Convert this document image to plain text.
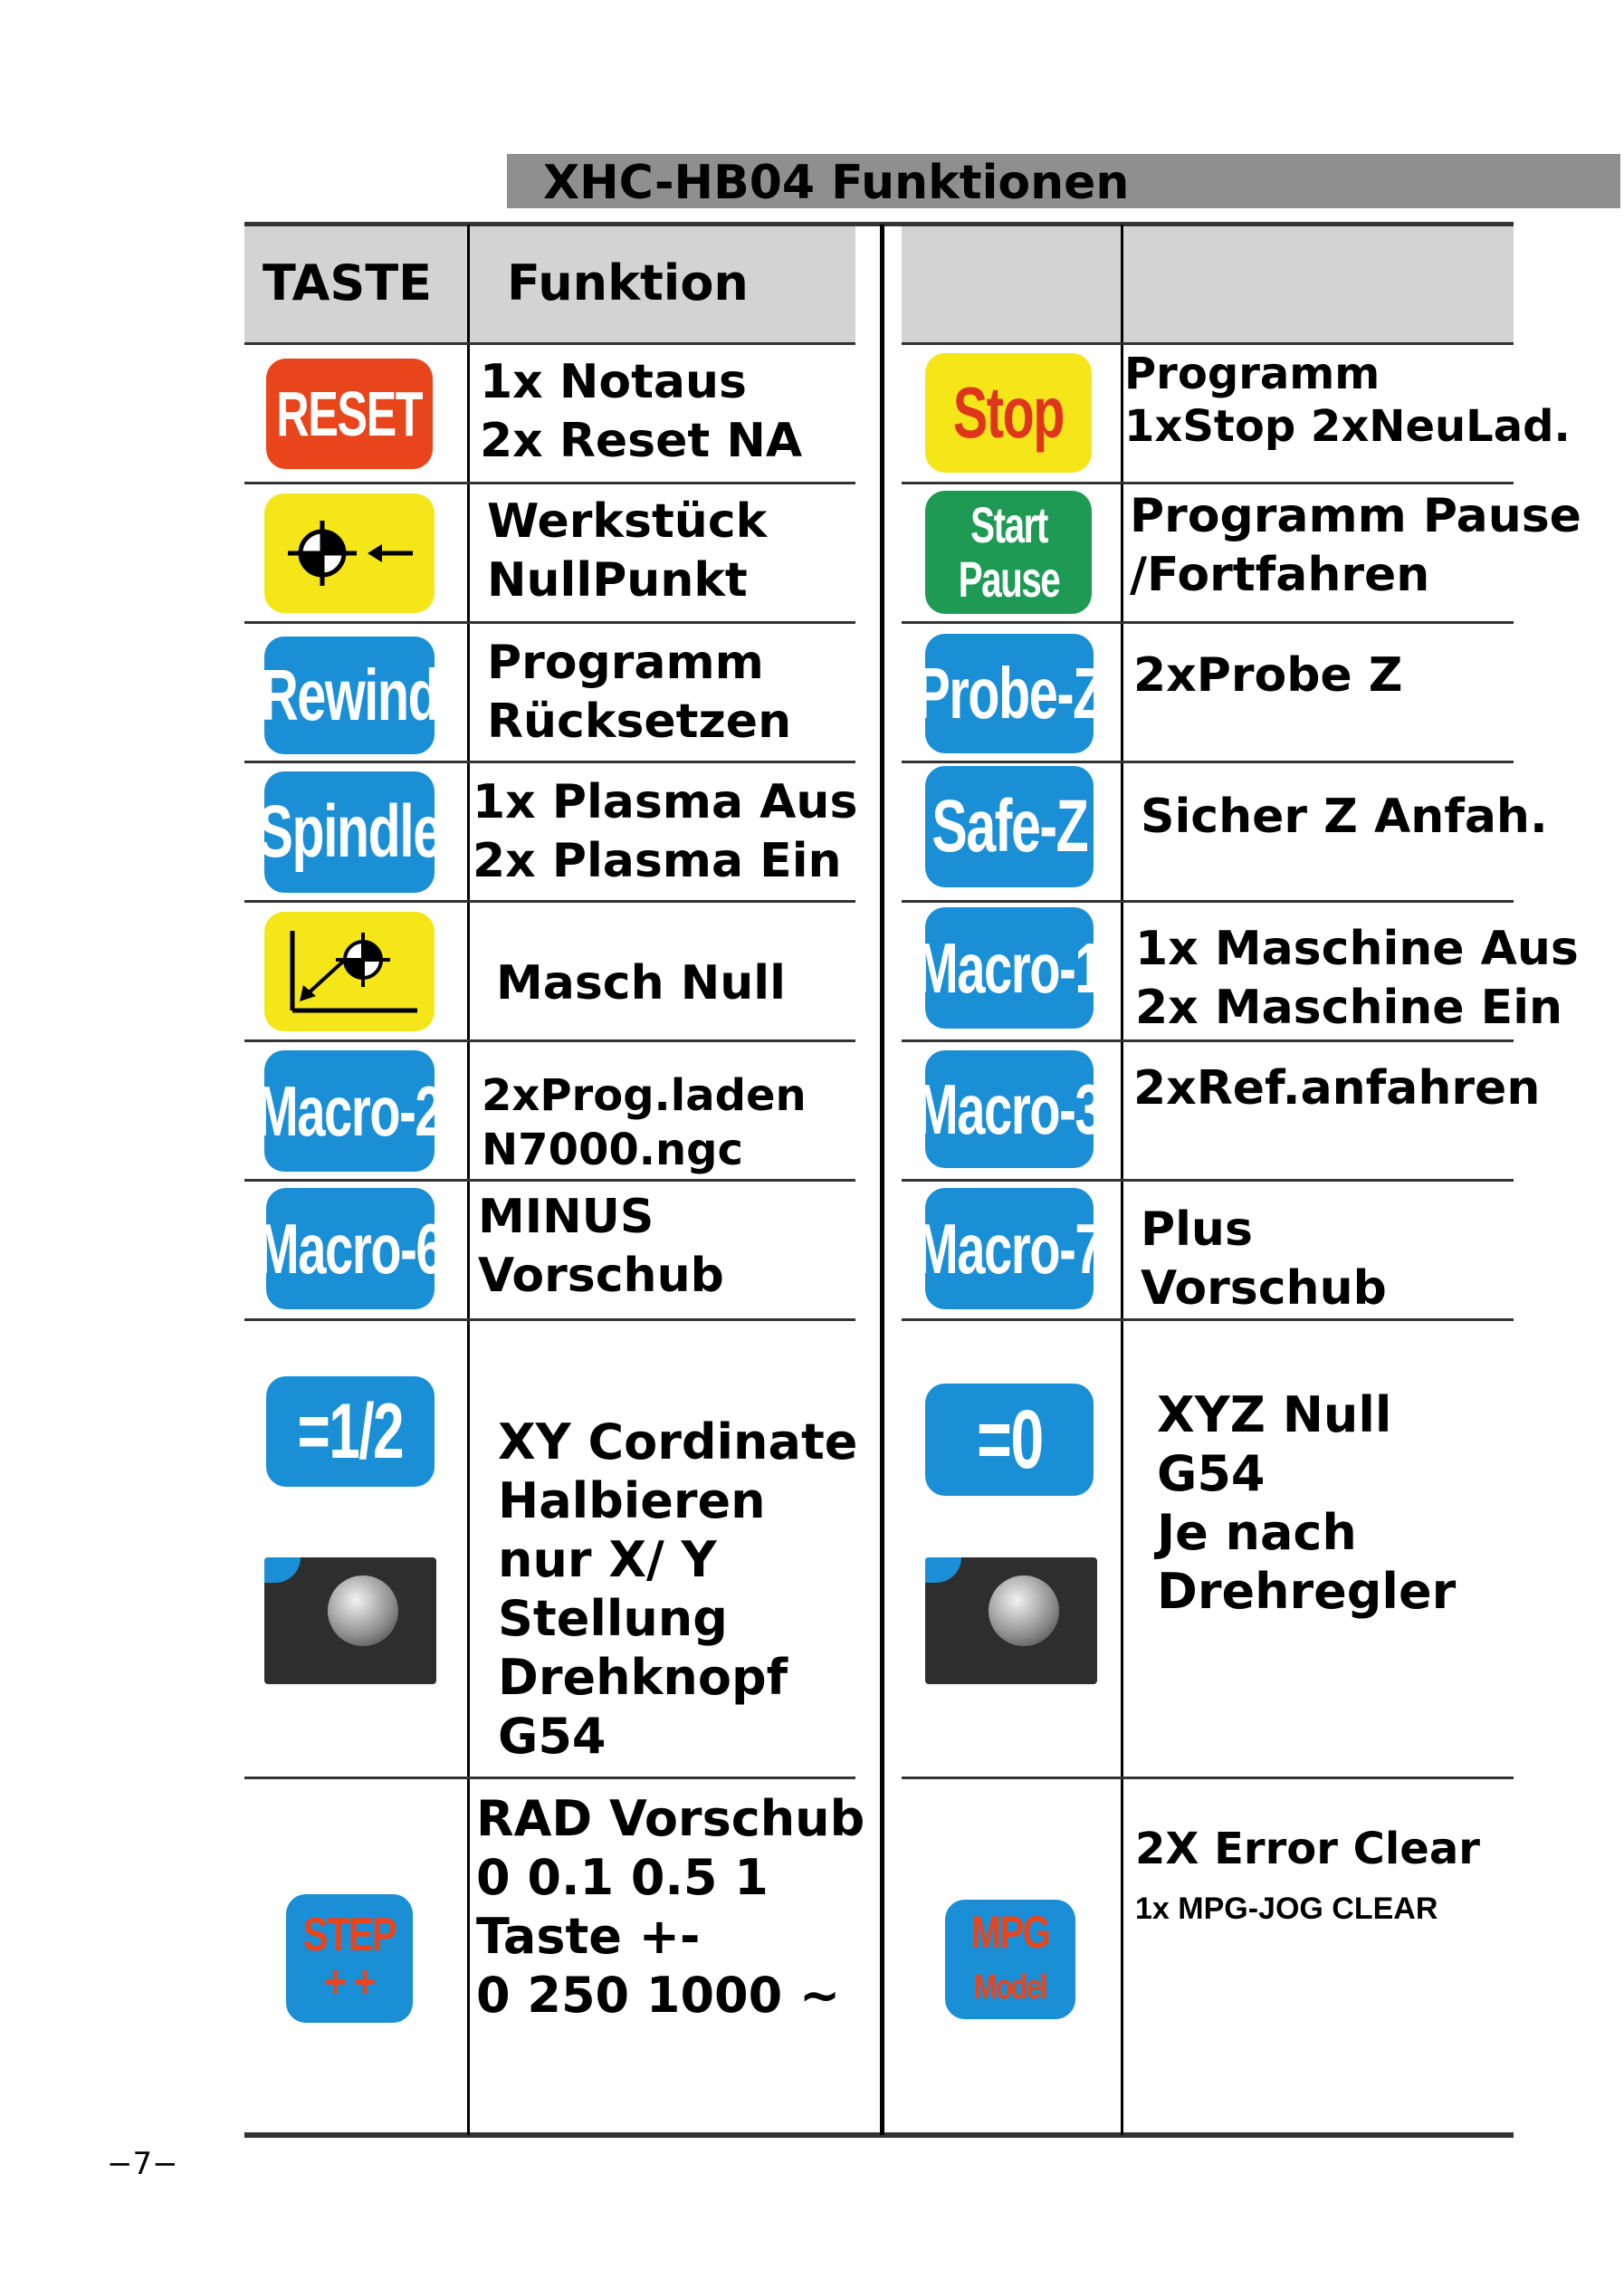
XHC-HB04 Funktionen
TASTE Funktion
RESET
Rewind
Spindle
Macro-2
Macro-6
=1/2
STEP
+ +
1x Notaus
2x Reset NA
Werkstück
NullPunkt
Programm
Rücksetzen
1x Plasma Aus
2x Plasma Ein
Masch Null
2xProg.laden
N7000.ngc
MINUS
Vorschub
XY Cordinate
Halbieren
nur X/ Y
Stellung
Drehknopf
G54
RAD Vorschub
0 0.1 0.5 1
Taste +-
0 250 1000 ~
Stop
Start
Pause
Probe-Z
Safe-Z
Macro-1
Macro-3
Macro-7
=0
MPG
Model
Programm
1xStop 2xNeuLad.
Programm Pause
/Fortfahren
2xProbe Z
Sicher Z Anfah.
1x Maschine Aus
2x Maschine Ein
2xRef.anfahren
Plus
Vorschub
XYZ Null
G54
Je nach
Drehregler
2X Error Clear
1x MPG-JOG CLEAR
−7−
